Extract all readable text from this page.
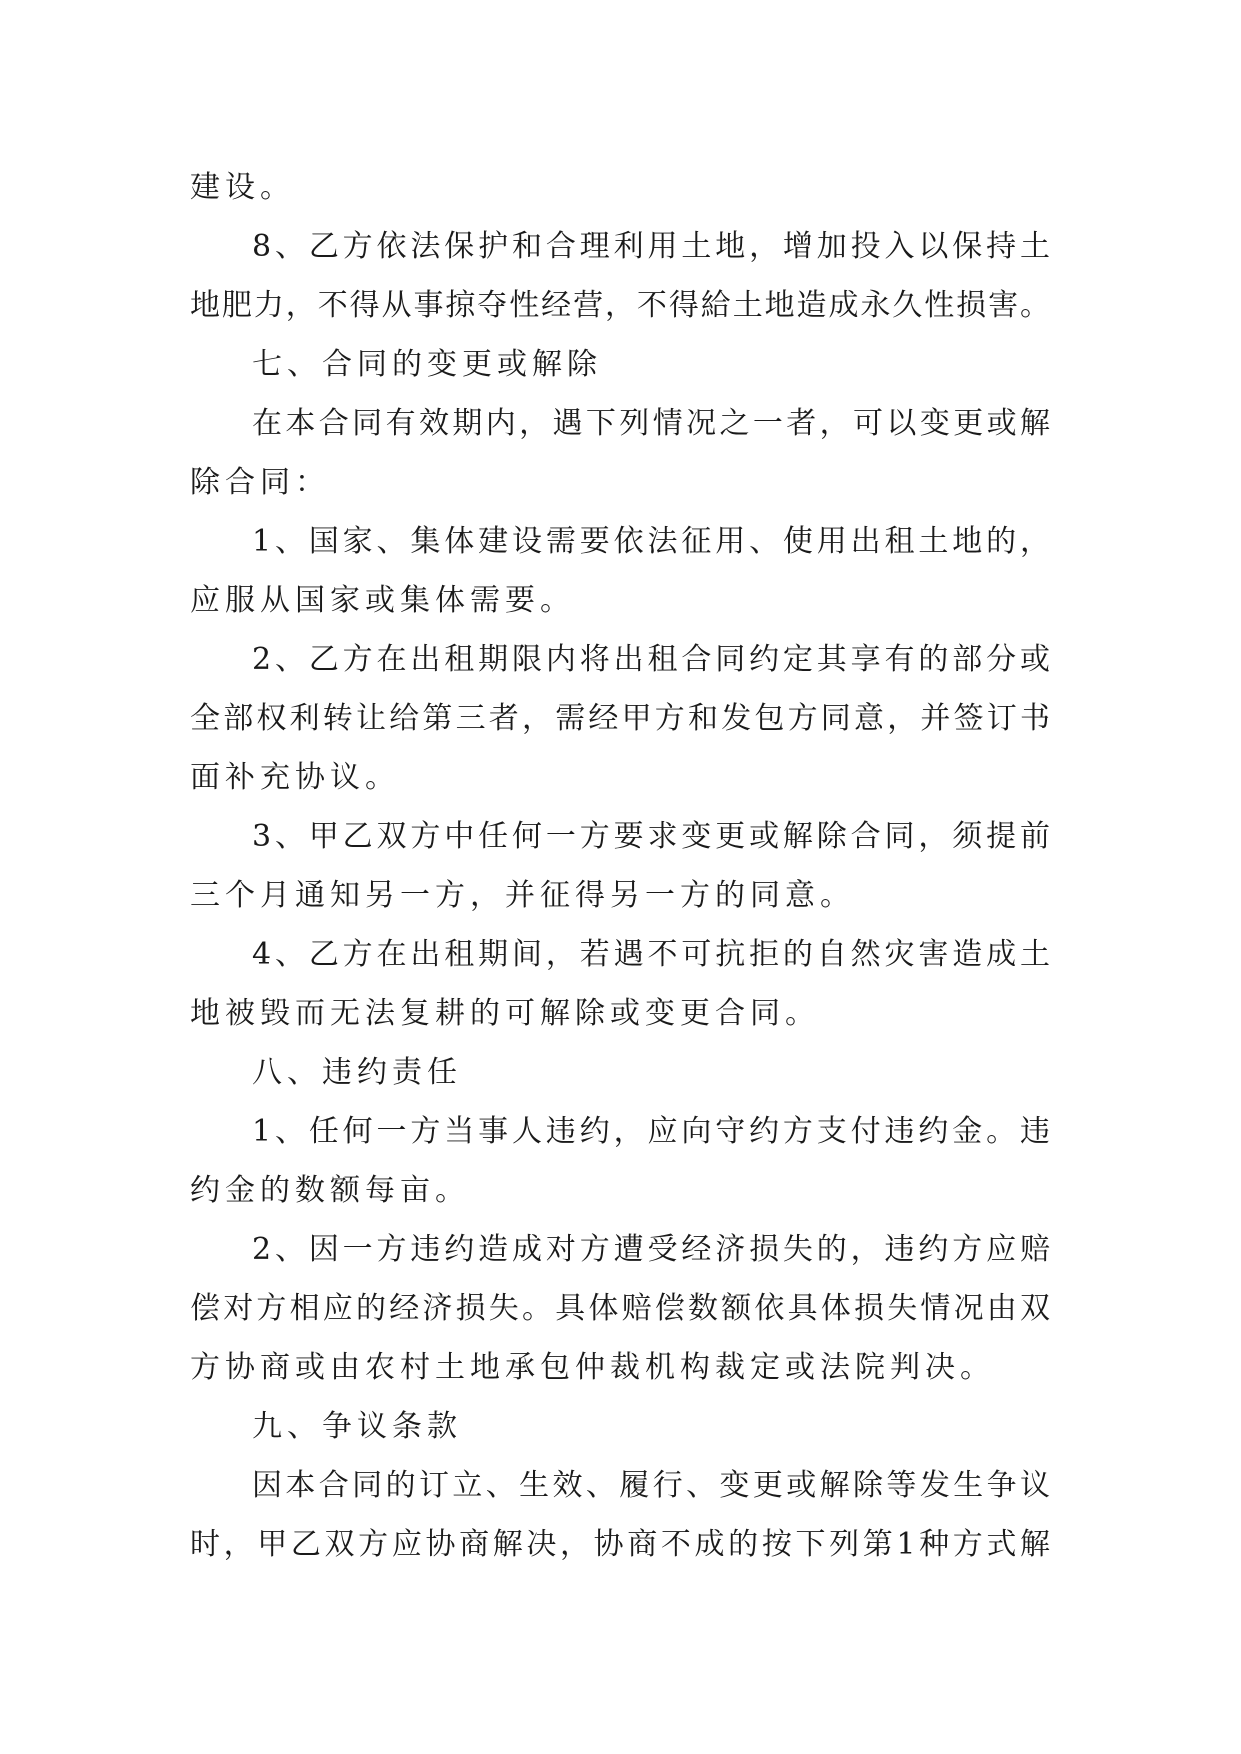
建设。
8、乙方依法保护和合理利用土地，增加投入以保持土
地肥力，不得从事掠夺性经营，不得給土地造成永久性损害。
七、合同的变更或解除
在本合同有效期内，遇下列情况之一者，可以变更或解
除合同：
1、国家、集体建设需要依法征用、使用出租土地的，
应服从国家或集体需要。
2、乙方在出租期限内将出租合同约定其享有的部分或
全部权利转让给第三者，需经甲方和发包方同意，并签订书
面补充协议。
3、甲乙双方中任何一方要求变更或解除合同，须提前
三个月通知另一方，并征得另一方的同意。
4、乙方在出租期间，若遇不可抗拒的自然灾害造成土
地被毁而无法复耕的可解除或变更合同。
八、违约责任
1、任何一方当事人违约，应向守约方支付违约金。违
约金的数额每亩。
2、因一方违约造成对方遭受经济损失的，违约方应赔
偿对方相应的经济损失。具体赔偿数额依具体损失情况由双
方协商或由农村土地承包仲裁机构裁定或法院判决。
九、争议条款
因本合同的订立、生效、履行、变更或解除等发生争议
时，甲乙双方应协商解决，协商不成的按下列第1种方式解
